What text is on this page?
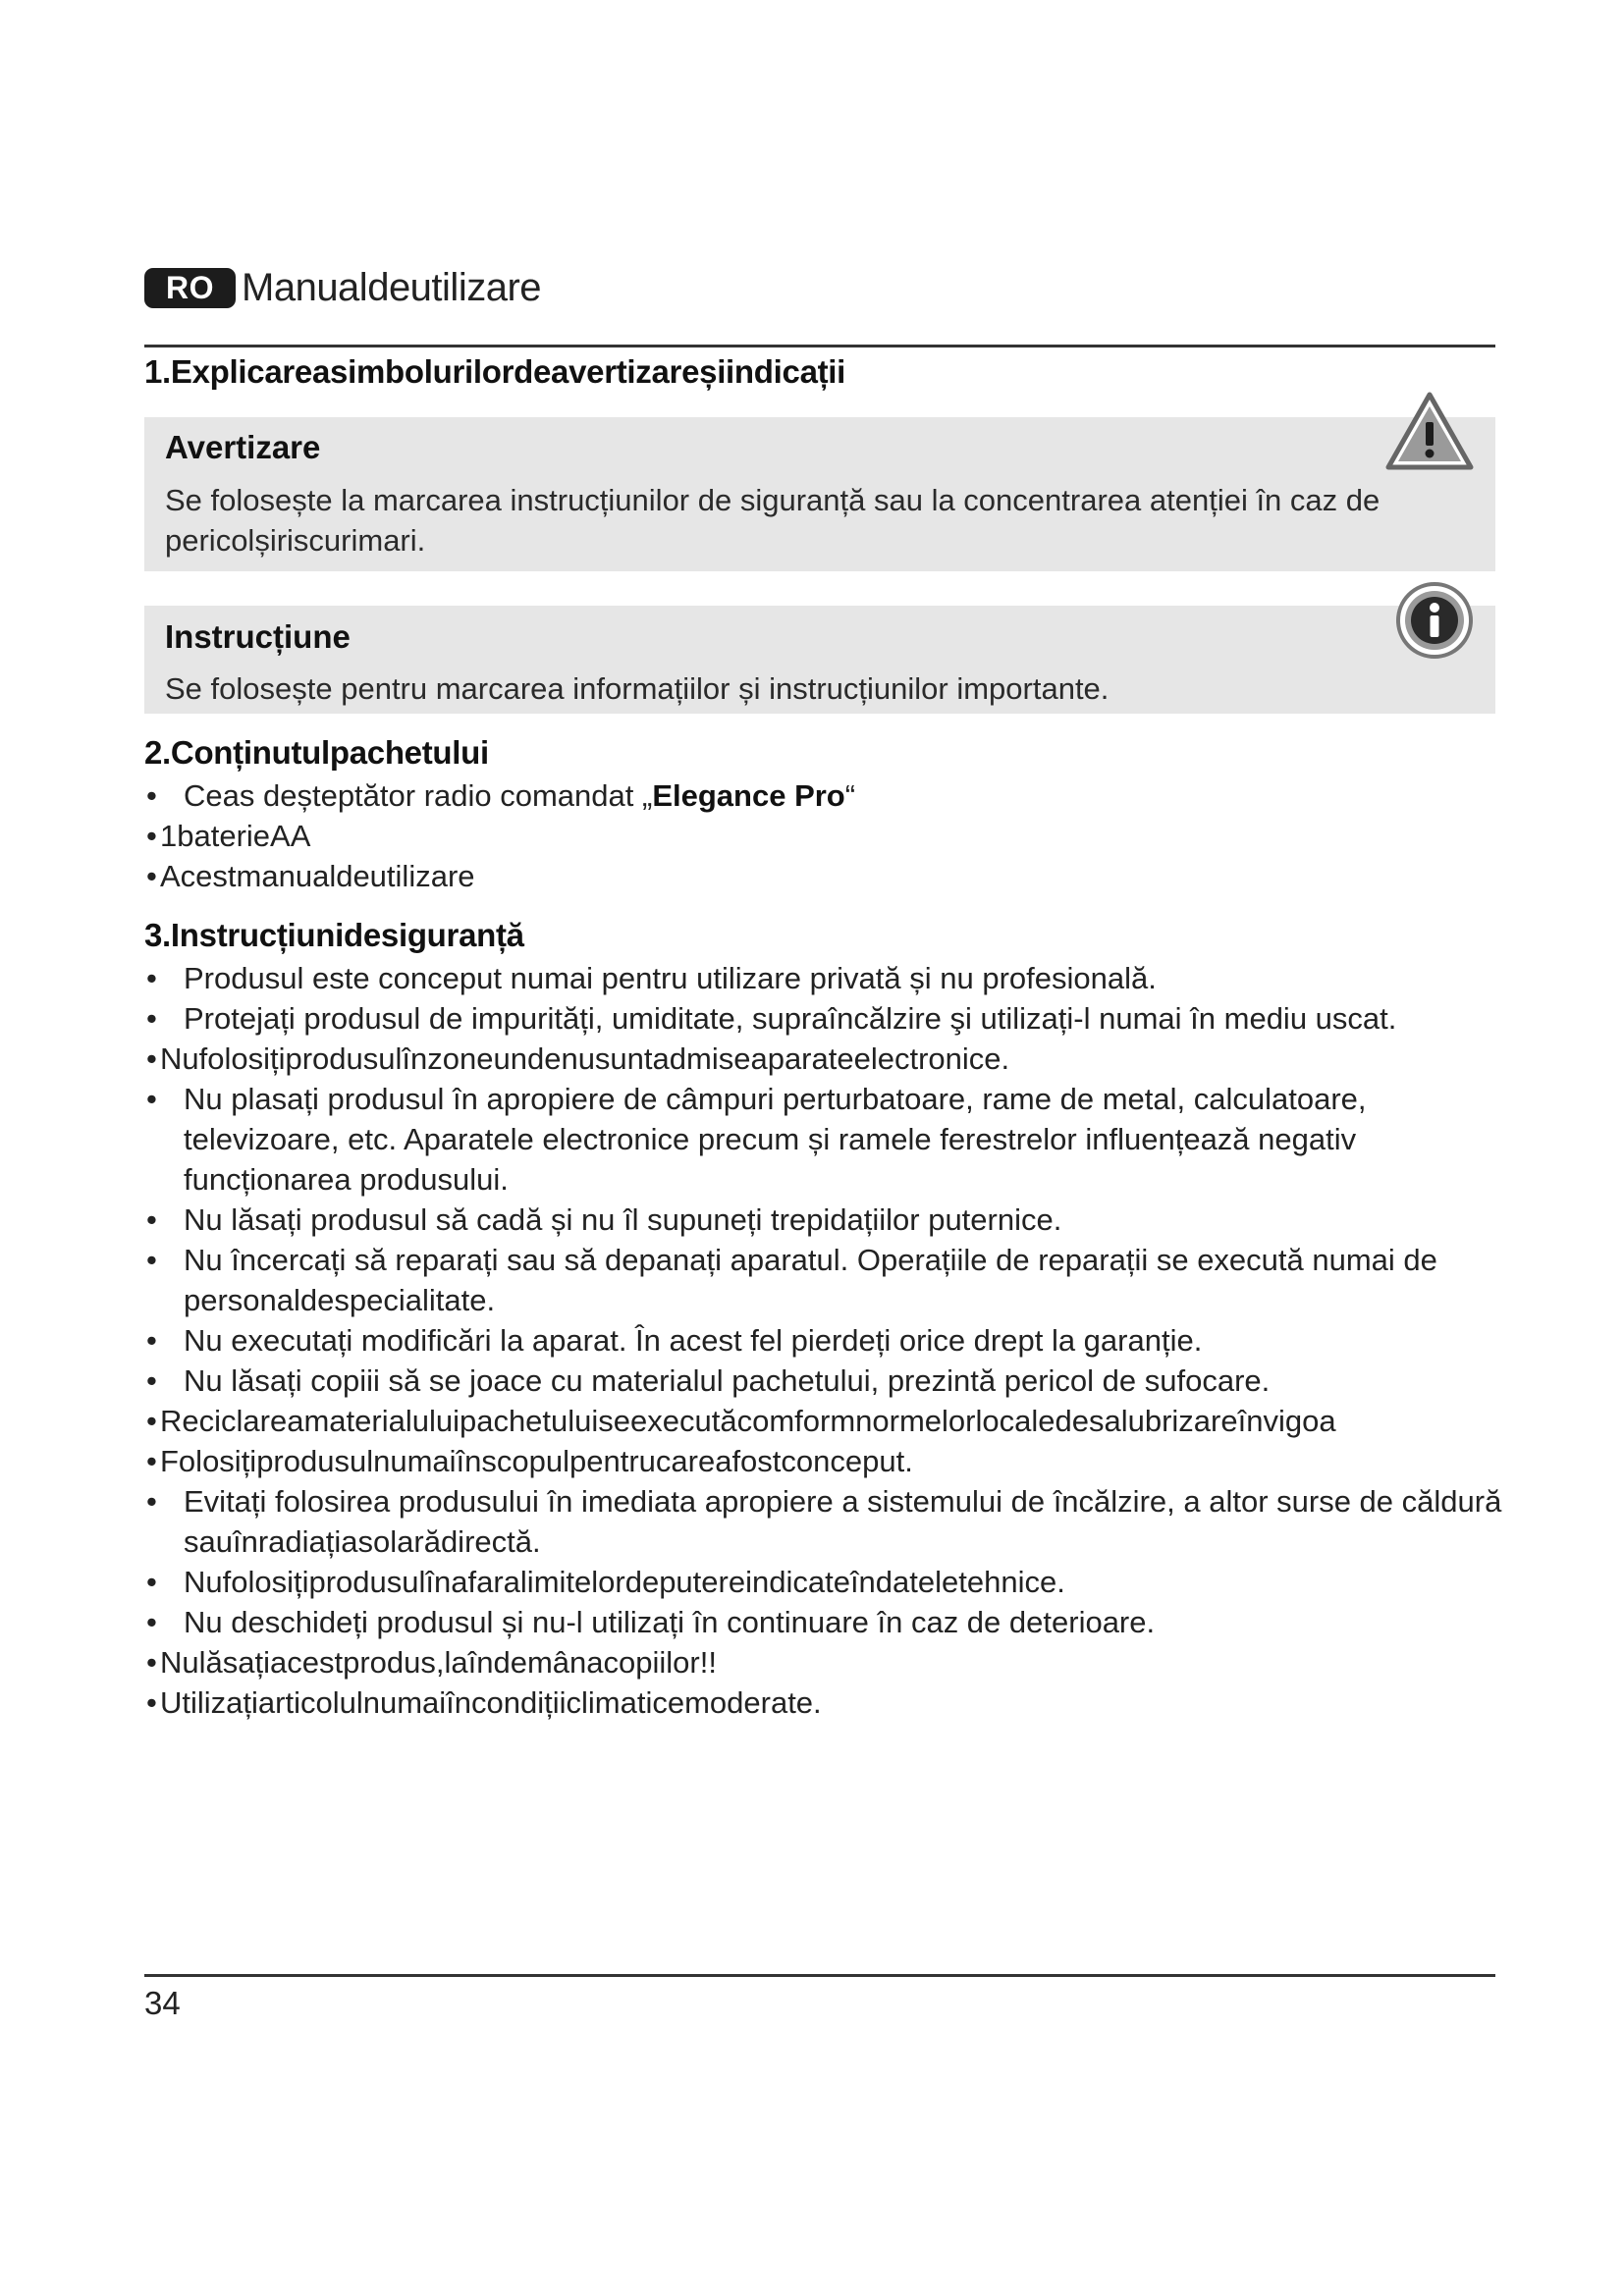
RO Manualdeutilizare
1.Explicareasimbolurilordeavertizareșiindicații
Avertizare
Se folosește la marcarea instrucțiunilor de siguranță sau la concentrarea atenției în caz de pericolșiriscurimari.
Instrucțiune
Se folosește pentru marcarea informațiilor și instrucțiunilor importante.
2.Conținutulpachetului
• Ceas deșteptător radio comandat „Elegance Pro“
• 1baterieAA
• Acestmanualdeutilizare
3.Instrucțiunidesiguranță
• Produsul este conceput numai pentru utilizare privată și nu profesională.
• Protejați produsul de impurități, umiditate, supraîncălzire şi utilizați-l numai în mediu uscat.
• Nufolosițiprodusulînzoneundenusuntadmiseaparateelectronice.
• Nu plasați produsul în apropiere de câmpuri perturbatoare, rame de metal, calculatoare, televizoare, etc. Aparatele electronice precum și ramele ferestrelor influențează negativ funcționarea produsului.
• Nu lăsați produsul să cadă și nu îl supuneți trepidațiilor puternice.
• Nu încercați să reparați sau să depanați aparatul. Operațiile de reparații se execută numai de personaldespecialitate.
• Nu executați modificări la aparat. În acest fel pierdeți orice drept la garanție.
• Nu lăsați copiii să se joace cu materialul pachetului, prezintă pericol de sufocare.
• Reciclareamaterialuluipachetuluiseexecutăcomformnormelorlocaledesalubrizareînvigoa
• Folosițiprodusulnumaiînscopulpentrucareafostconceput.
• Evitați folosirea produsului în imediata apropiere a sistemului de încălzire, a altor surse de căldură sauînradiațiasolarădirectă.
• Nufolosițiprodusulînafaralimitelordeputereindicateîndateletehnice.
• Nu deschideți produsul și nu-l utilizați în continuare în caz de deterioare.
• Nulăsațiacestprodus,laîndemânacopiilor!!
• Utilizațiarticolulnumaiîncondițiiclimaticemoderate.
34
